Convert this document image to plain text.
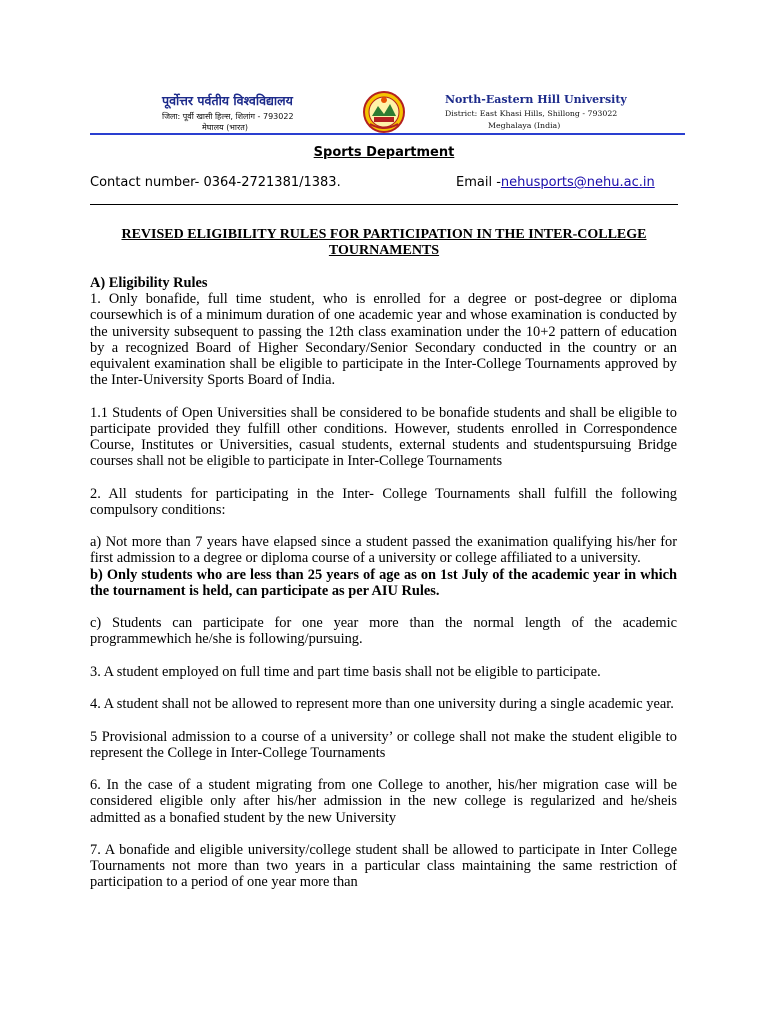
पूर्वोत्तर पर्वतीय विश्वविद्यालय
जिला: पूर्वी खासी हिल्स, शिलांग - 793022
मेघालय (भारत)
North-Eastern Hill University
District: East Khasi Hills, Shillong - 793022
Meghalaya (India)
Sports Department
Contact number- 0364-2721381/1383.	Email -nehusports@nehu.ac.in
REVISED ELIGIBILITY RULES FOR PARTICIPATION IN THE INTER-COLLEGE TOURNAMENTS

A) Eligibility Rules

1. Only bonafide, full time student, who is enrolled for a degree or post-degree or diploma coursewhich is of a minimum duration of one academic year and whose examination is conducted by the university subsequent to passing the 12th class examination under the 10+2 pattern of education by a recognized Board of Higher Secondary/Senior Secondary conducted in the country or an equivalent examination shall be eligible to participate in the Inter-College Tournaments approved by the Inter-University Sports Board of India.

1.1 Students of Open Universities shall be considered to be bonafide students and shall be eligible to participate provided they fulfill other conditions. However, students enrolled in Correspondence Course, Institutes or Universities, casual students, external students and studentspursuing Bridge courses shall not be eligible to participate in Inter-College Tournaments

2. All students for participating in the Inter- College Tournaments shall fulfill the following compulsory conditions:

a) Not more than 7 years have elapsed since a student passed the exanimation qualifying his/her for first admission to a degree or diploma course of a university or college affiliated to a university.

b) Only students who are less than 25 years of age as on 1st July of the academic year in which the tournament is held, can participate as per AIU Rules.

c) Students can participate for one year more than the normal length of the academic programmewhich he/she is following/pursuing.

3. A student employed on full time and part time basis shall not be eligible to participate.

4. A student shall not be allowed to represent more than one university during a single academic year.

5 Provisional admission to a course of a university’ or college shall not make the student eligible to represent the College in Inter-College Tournaments

6. In the case of a student migrating from one College to another, his/her migration case will be considered eligible only after his/her admission in the new college is regularized and he/sheis admitted as a bonafied student by the new University

7. A bonafide and eligible university/college student shall be allowed to participate in Inter College Tournaments not more than two years in a particular class maintaining the same restriction of participation to a period of one year more than
